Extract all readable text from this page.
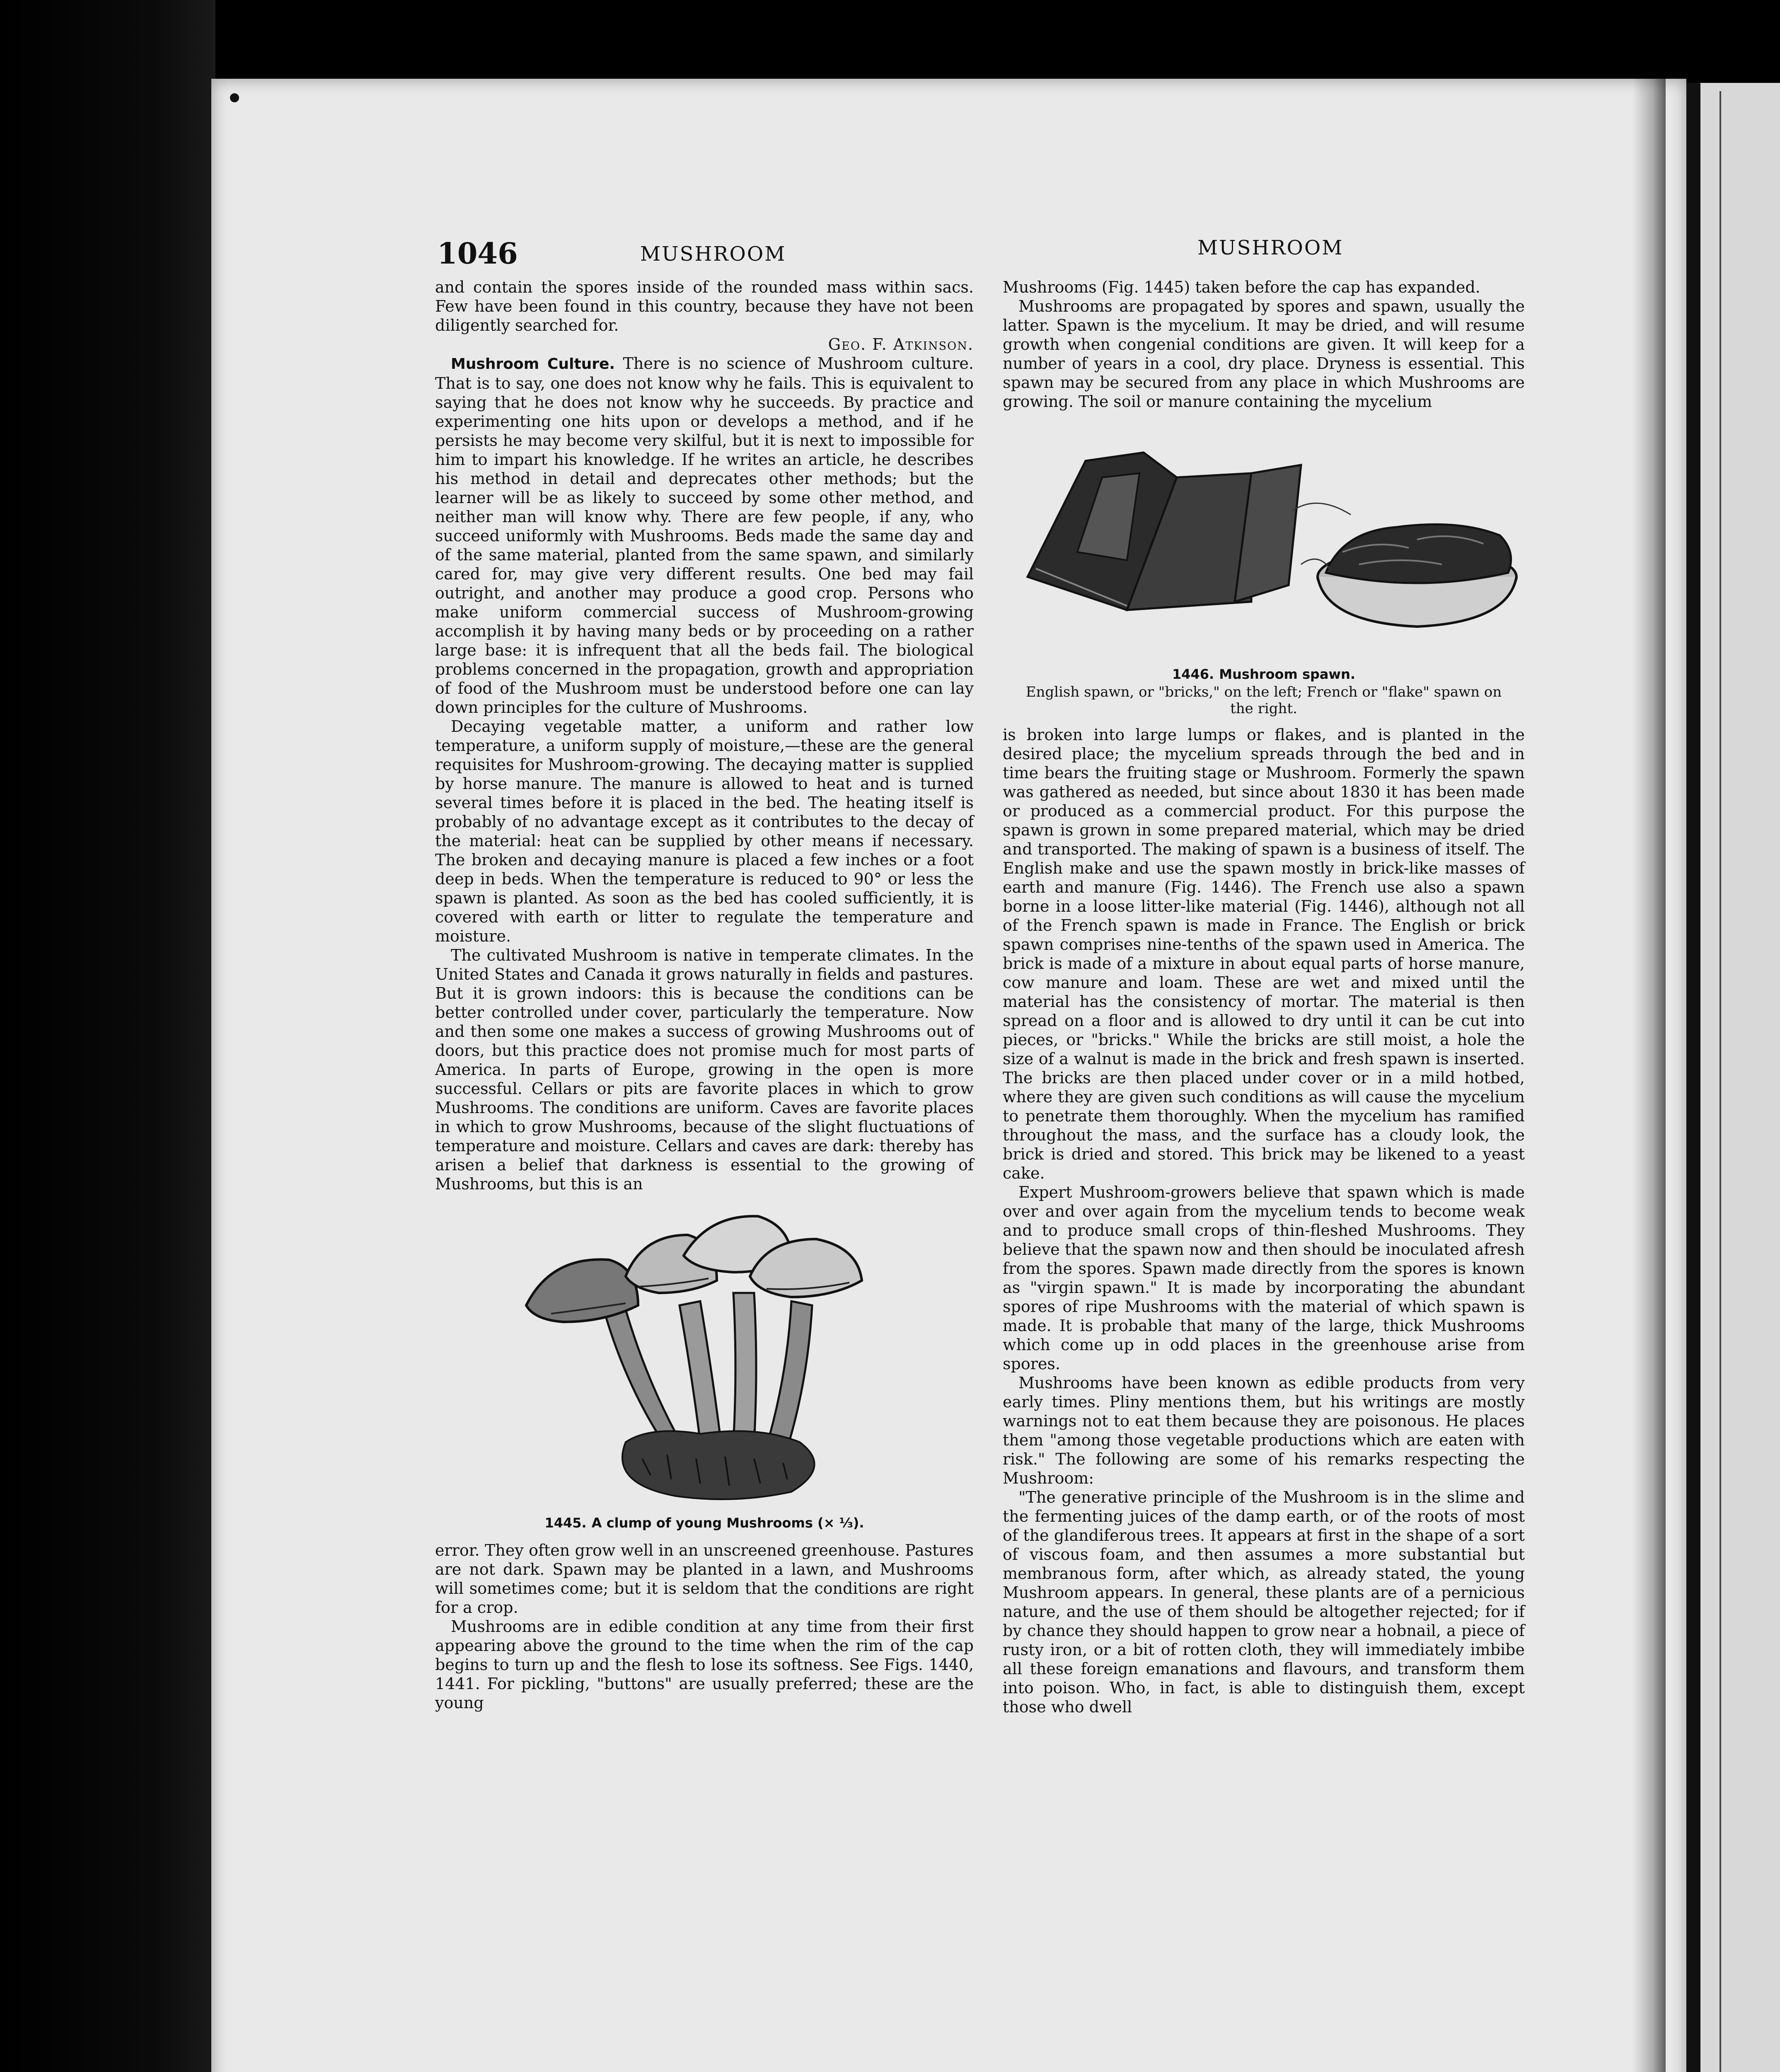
1046	MUSHROOM	MUSHROOM

and contain the spores inside of the rounded mass within sacs. Few have been found in this country, because they have not been diligently searched for.

Geo. F. Atkinson.

Mushroom Culture. There is no science of Mushroom culture. That is to say, one does not know why he fails. This is equivalent to saying that he does not know why he succeeds. By practice and experimenting one hits upon or develops a method, and if he persists he may become very skilful, but it is next to impossible for him to impart his knowledge. If he writes an article, he describes his method in detail and deprecates other methods; but the learner will be as likely to succeed by some other method, and neither man will know why. There are few people, if any, who succeed uniformly with Mushrooms. Beds made the same day and of the same material, planted from the same spawn, and similarly cared for, may give very different results. One bed may fail outright, and another may produce a good crop. Persons who make uniform commercial success of Mushroom-growing accomplish it by having many beds or by proceeding on a rather large base: it is infrequent that all the beds fail. The biological problems concerned in the propagation, growth and appropriation of food of the Mushroom must be understood before one can lay down principles for the culture of Mushrooms.

Decaying vegetable matter, a uniform and rather low temperature, a uniform supply of moisture,—these are the general requisites for Mushroom-growing. The decaying matter is supplied by horse manure. The manure is allowed to heat and is turned several times before it is placed in the bed. The heating itself is probably of no advantage except as it contributes to the decay of the material: heat can be supplied by other means if necessary. The broken and decaying manure is placed a few inches or a foot deep in beds. When the temperature is reduced to 90° or less the spawn is planted. As soon as the bed has cooled sufficiently, it is covered with earth or litter to regulate the temperature and moisture.

The cultivated Mushroom is native in temperate climates. In the United States and Canada it grows naturally in fields and pastures. But it is grown indoors: this is because the conditions can be better controlled under cover, particularly the temperature. Now and then some one makes a success of growing Mushrooms out of doors, but this practice does not promise much for most parts of America. In parts of Europe, growing in the open is more successful. Cellars or pits are favorite places in which to grow Mushrooms. The conditions are uniform. Caves are favorite places in which to grow Mushrooms, because of the slight fluctuations of temperature and moisture. Cellars and caves are dark: thereby has arisen a belief that darkness is essential to the growing of Mushrooms, but this is an

1445. A clump of young Mushrooms (× ⅓).

error. They often grow well in an unscreened greenhouse. Pastures are not dark. Spawn may be planted in a lawn, and Mushrooms will sometimes come; but it is seldom that the conditions are right for a crop.

Mushrooms are in edible condition at any time from their first appearing above the ground to the time when the rim of the cap begins to turn up and the flesh to lose its softness. See Figs. 1440, 1441. For pickling, "buttons" are usually preferred; these are the young

Mushrooms (Fig. 1445) taken before the cap has expanded.

Mushrooms are propagated by spores and spawn, usually the latter. Spawn is the mycelium. It may be dried, and will resume growth when congenial conditions are given. It will keep for a number of years in a cool, dry place. Dryness is essential. This spawn may be secured from any place in which Mushrooms are growing. The soil or manure containing the mycelium

1446. Mushroom spawn.
English spawn, or "bricks," on the left; French or "flake" spawn on the right.

is broken into large lumps or flakes, and is planted in the desired place; the mycelium spreads through the bed and in time bears the fruiting stage or Mushroom. Formerly the spawn was gathered as needed, but since about 1830 it has been made or produced as a commercial product. For this purpose the spawn is grown in some prepared material, which may be dried and transported. The making of spawn is a business of itself. The English make and use the spawn mostly in brick-like masses of earth and manure (Fig. 1446). The French use also a spawn borne in a loose litter-like material (Fig. 1446), although not all of the French spawn is made in France. The English or brick spawn comprises nine-tenths of the spawn used in America. The brick is made of a mixture in about equal parts of horse manure, cow manure and loam. These are wet and mixed until the material has the consistency of mortar. The material is then spread on a floor and is allowed to dry until it can be cut into pieces, or "bricks." While the bricks are still moist, a hole the size of a walnut is made in the brick and fresh spawn is inserted. The bricks are then placed under cover or in a mild hotbed, where they are given such conditions as will cause the mycelium to penetrate them thoroughly. When the mycelium has ramified throughout the mass, and the surface has a cloudy look, the brick is dried and stored. This brick may be likened to a yeast cake.

Expert Mushroom-growers believe that spawn which is made over and over again from the mycelium tends to become weak and to produce small crops of thin-fleshed Mushrooms. They believe that the spawn now and then should be inoculated afresh from the spores. Spawn made directly from the spores is known as "virgin spawn." It is made by incorporating the abundant spores of ripe Mushrooms with the material of which spawn is made. It is probable that many of the large, thick Mushrooms which come up in odd places in the greenhouse arise from spores.

Mushrooms have been known as edible products from very early times. Pliny mentions them, but his writings are mostly warnings not to eat them because they are poisonous. He places them "among those vegetable productions which are eaten with risk." The following are some of his remarks respecting the Mushroom:

"The generative principle of the Mushroom is in the slime and the fermenting juices of the damp earth, or of the roots of most of the glandiferous trees. It appears at first in the shape of a sort of viscous foam, and then assumes a more substantial but membranous form, after which, as already stated, the young Mushroom appears. In general, these plants are of a pernicious nature, and the use of them should be altogether rejected; for if by chance they should happen to grow near a hobnail, a piece of rusty iron, or a bit of rotten cloth, they will immediately imbibe all these foreign emanations and flavours, and transform them into poison. Who, in fact, is able to distinguish them, except those who dwell
